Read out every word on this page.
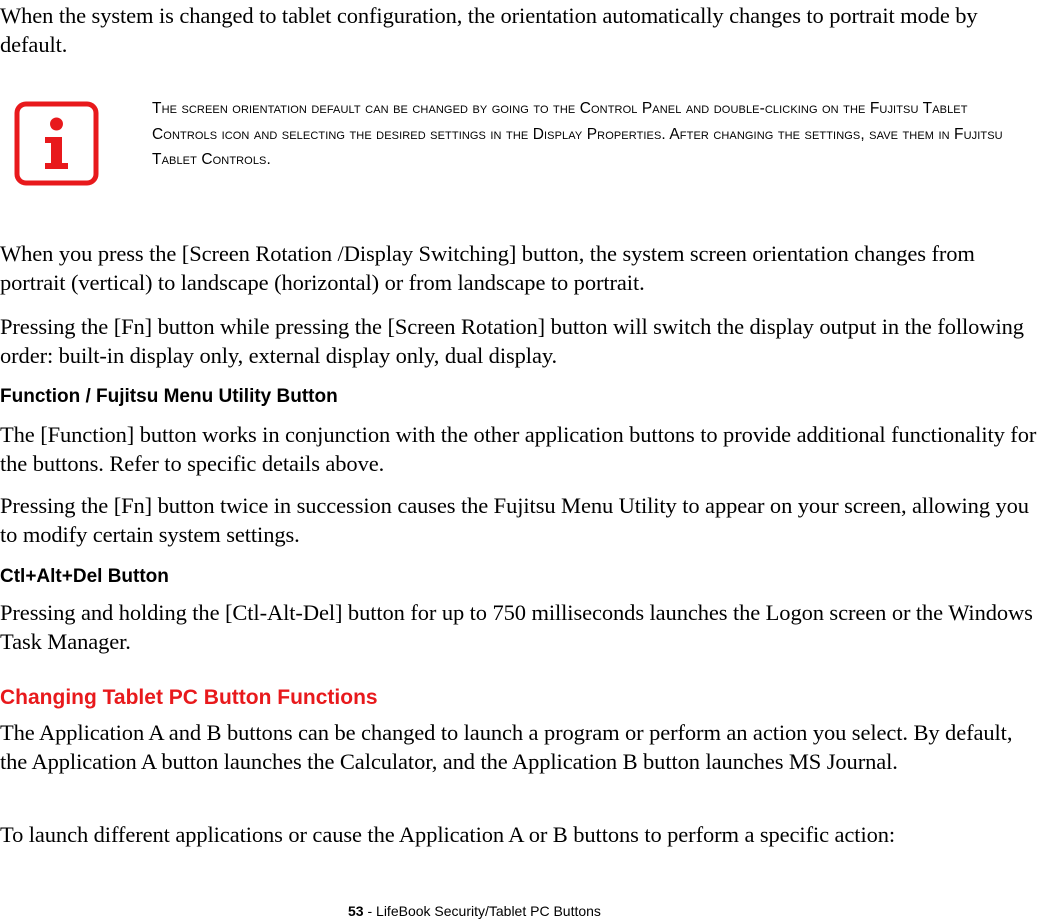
When the system is changed to tablet configuration, the orientation automatically changes to portrait mode by default.

The screen orientation default can be changed by going to the Control Panel and double-clicking on the Fujitsu Tablet Controls icon and selecting the desired settings in the Display Properties. After changing the settings, save them in Fujitsu Tablet Controls.

When you press the [Screen Rotation /Display Switching] button, the system screen orientation changes from portrait (vertical) to landscape (horizontal) or from landscape to portrait.

Pressing the [Fn] button while pressing the [Screen Rotation] button will switch the display output in the following order: built-in display only, external display only, dual display.

Function / Fujitsu Menu Utility Button

The [Function] button works in conjunction with the other application buttons to provide additional functionality for the buttons. Refer to specific details above.

Pressing the [Fn] button twice in succession causes the Fujitsu Menu Utility to appear on your screen, allowing you to modify certain system settings.

Ctl+Alt+Del Button

Pressing and holding the [Ctl-Alt-Del] button for up to 750 milliseconds launches the Logon screen or the Windows Task Manager.

Changing Tablet PC Button Functions

The Application A and B buttons can be changed to launch a program or perform an action you select. By default, the Application A button launches the Calculator, and the Application B button launches MS Journal.

To launch different applications or cause the Application A or B buttons to perform a specific action:

53 - LifeBook Security/Tablet PC Buttons
